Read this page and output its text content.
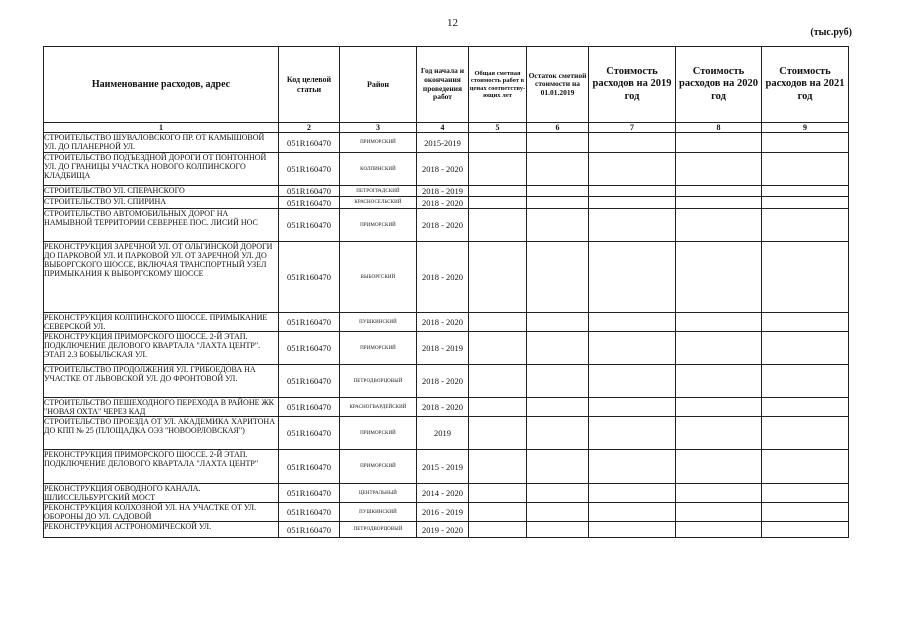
12
(тыс.руб)
Наименование расходов, адрес	Код целевой статьи	Район	Год начала и окончания проведения работ	Общая сметная стоимость работ в ценах соответству-ющих лет	Остаток сметной стоимости на 01.01.2019	Стоимость расходов на 2019 год	Стоимость расходов на 2020 год	Стоимость расходов на 2021 год
1	2	3	4	5	6	7	8	9
СТРОИТЕЛЬСТВО ШУВАЛОВСКОГО ПР. ОТ КАМЫШОВОЙ УЛ. ДО ПЛАНЕРНОЙ УЛ.	051R160470	ПРИМОРСКИЙ	2015-2019					
СТРОИТЕЛЬСТВО ПОДЪЕЗДНОЙ ДОРОГИ ОТ ПОНТОННОЙ УЛ. ДО ГРАНИЦЫ УЧАСТКА НОВОГО КОЛПИНСКОГО КЛАДБИЩА	051R160470	КОЛПИНСКИЙ	2018 - 2020					
СТРОИТЕЛЬСТВО УЛ. СПЕРАНСКОГО	051R160470	ПЕТРОГРАДСКИЙ	2018 - 2019					
СТРОИТЕЛЬСТВО УЛ. СПИРИНА	051R160470	КРАСНОСЕЛЬСКИЙ	2018 - 2020					
СТРОИТЕЛЬСТВО АВТОМОБИЛЬНЫХ ДОРОГ НА НАМЫВНОЙ ТЕРРИТОРИИ СЕВЕРНЕЕ ПОС. ЛИСИЙ НОС	051R160470	ПРИМОРСКИЙ	2018 - 2020					
РЕКОНСТРУКЦИЯ ЗАРЕЧНОЙ УЛ. ОТ ОЛЬГИНСКОЙ ДОРОГИ ДО ПАРКОВОЙ УЛ. И ПАРКОВОЙ УЛ. ОТ ЗАРЕЧНОЙ УЛ. ДО ВЫБОРГСКОГО ШОССЕ, ВКЛЮЧАЯ ТРАНСПОРТНЫЙ УЗЕЛ ПРИМЫКАНИЯ К ВЫБОРГСКОМУ ШОССЕ	051R160470	ВЫБОРГСКИЙ	2018 - 2020					
РЕКОНСТРУКЦИЯ КОЛПИНСКОГО ШОССЕ. ПРИМЫКАНИЕ СЕВЕРСКОЙ УЛ.	051R160470	ПУШКИНСКИЙ	2018 - 2020					
РЕКОНСТРУКЦИЯ ПРИМОРСКОГО ШОССЕ. 2-Й ЭТАП. ПОДКЛЮЧЕНИЕ ДЕЛОВОГО КВАРТАЛА "ЛАХТА ЦЕНТР". ЭТАП 2.3 БОБЫЛЬСКАЯ УЛ.	051R160470	ПРИМОРСКИЙ	2018 - 2019					
СТРОИТЕЛЬСТВО ПРОДОЛЖЕНИЯ УЛ. ГРИБОЕДОВА НА УЧАСТКЕ ОТ ЛЬВОВСКОЙ УЛ. ДО ФРОНТОВОЙ УЛ.	051R160470	ПЕТРОДВОРЦОВЫЙ	2018 - 2020					
СТРОИТЕЛЬСТВО ПЕШЕХОДНОГО ПЕРЕХОДА В РАЙОНЕ ЖК "НОВАЯ ОХТА" ЧЕРЕЗ КАД	051R160470	КРАСНОГВАРДЕЙСКИЙ	2018 - 2020					
СТРОИТЕЛЬСТВО ПРОЕЗДА ОТ УЛ. АКАДЕМИКА ХАРИТОНА ДО КПП № 25 (ПЛОЩАДКА ОЭЗ "НОВООРЛОВСКАЯ")	051R160470	ПРИМОРСКИЙ	2019					
РЕКОНСТРУКЦИЯ ПРИМОРСКОГО ШОССЕ. 2-Й ЭТАП. ПОДКЛЮЧЕНИЕ ДЕЛОВОГО КВАРТАЛА "ЛАХТА ЦЕНТР"	051R160470	ПРИМОРСКИЙ	2015 - 2019					
РЕКОНСТРУКЦИЯ ОБВОДНОГО КАНАЛА. ШЛИССЕЛЬБУРГСКИЙ МОСТ	051R160470	ЦЕНТРАЛЬНЫЙ	2014 - 2020					
РЕКОНСТРУКЦИЯ КОЛХОЗНОЙ УЛ. НА УЧАСТКЕ ОТ УЛ. ОБОРОНЫ ДО УЛ. САДОВОЙ	051R160470	ПУШКИНСКИЙ	2016 - 2019					
РЕКОНСТРУКЦИЯ АСТРОНОМИЧЕСКОЙ УЛ.	051R160470	ПЕТРОДВОРЦОВЫЙ	2019 - 2020					
